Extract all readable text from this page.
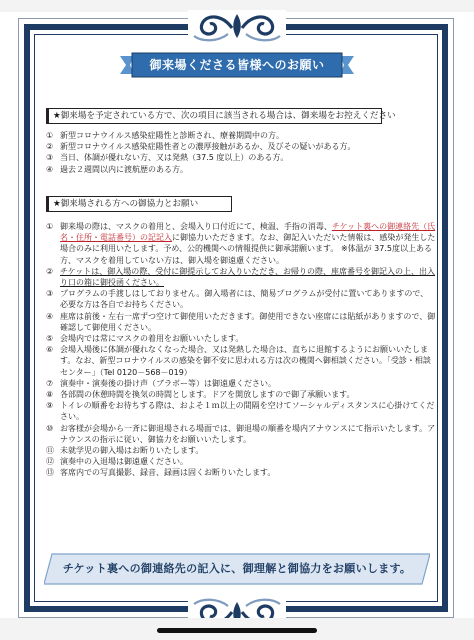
御来場くださる皆様へのお願い
★御来場を予定されている方で、次の項目に該当される場合は、御来場をお控えください
① 新型コロナウイルス感染症陽性と診断され、療養期間中の方。
② 新型コロナウイルス感染症陽性者との濃厚接触があるか、及びその疑いがある方。
③ 当日、体調が優れない方、又は発熱（37.5 度以上）のある方。
④ 過去２週間以内に渡航歴のある方。
★御来場される方への御協力とお願い
① 御来場の際は、マスクの着用と、会場入り口付近にて、検温、手指の消毒、チケット裏への御連絡先（氏名・住所・電話番号）の記記入に御協力いただきます。なお、御記入いただいた情報は、感染が発生した場合のみに利用いたします。予め、公的機関への情報提供に御承諾願います。 ※体温が 37.5度以上ある方、マスクを着用していない方は、御入場を御遠慮ください。
② チケットは、御入場の際、受付に御提示してお入りいただき、お帰りの際、座席番号を御記入の上、出入り口の箱に御投函ください。
③ プログラムの手渡しはしておりません。御入場者には、簡易プログラムが受付に置いてありますので、必要な方は各自でお持ちください。
④ 座席は前後・左右一席ずつ空けて御使用いただきます。御使用できない座席には貼紙がありますので、御確認して御使用ください。
⑤ 会場内では常にマスクの着用をお願いいたします。
⑥ 会場入場後に体調が優れなくなった場合、又は発熱した場合は、直ちに退館するようにお願いいたします。なお、新型コロナウイルスの感染を御不安に思われる方は次の機関へ御相談ください。「受診・相談センター」（Tel 0120－568－019）
⑦ 演奏中・演奏後の掛け声（ブラボー等）は御遠慮ください。
⑧ 各部間の休憩時間を換気の時間とします。ドアを開放しますので御了承願います。
⑨ トイレの順番をお待ちする際は、およそ１ｍ以上の間隔を空けてソーシャルディスタンスに心掛けてください。
⑩ お客様が会場から一斉に御退場される場面では、御退場の順番を場内アナウンスにて指示いたします。アナウンスの指示に従い、御協力をお願いいたします。
⑪ 未就学児の御入場はお断りいたします。
⑫ 演奏中の入退場は御遠慮ください。
⑬ 客席内での写真撮影、録音、録画は固くお断りいたします。
チケット裏への御連絡先の記入に、御理解と御協力をお願いします。
